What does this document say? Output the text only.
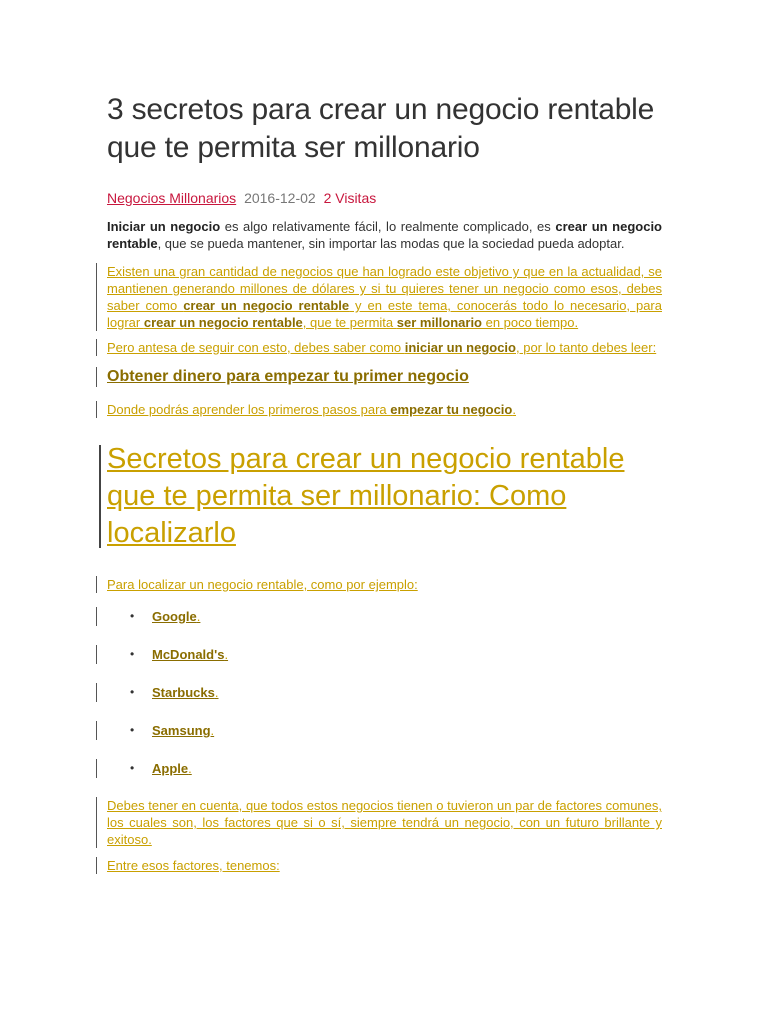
3 secretos para crear un negocio rentable que te permita ser millonario
Negocios Millonarios 2016-12-02 2 Visitas
Iniciar un negocio es algo relativamente fácil, lo realmente complicado, es crear un negocio rentable, que se pueda mantener, sin importar las modas que la sociedad pueda adoptar.
Existen una gran cantidad de negocios que han logrado este objetivo y que en la actualidad, se mantienen generando millones de dólares y si tu quieres tener un negocio como esos, debes saber como crear un negocio rentable y en este tema, conocerás todo lo necesario, para lograr crear un negocio rentable, que te permita ser millonario en poco tiempo.
Pero antesa de seguir con esto, debes saber como iniciar un negocio, por lo tanto debes leer:
Obtener dinero para empezar tu primer negocio
Donde podrás aprender los primeros pasos para empezar tu negocio.
Secretos para crear un negocio rentable que te permita ser millonario: Como localizarlo
Para localizar un negocio rentable, como por ejemplo:
• Google.
• McDonald's.
• Starbucks.
• Samsung.
• Apple.
Debes tener en cuenta, que todos estos negocios tienen o tuvieron un par de factores comunes, los cuales son, los factores que si o sí, siempre tendrá un negocio, con un futuro brillante y exitoso.
Entre esos factores, tenemos:
